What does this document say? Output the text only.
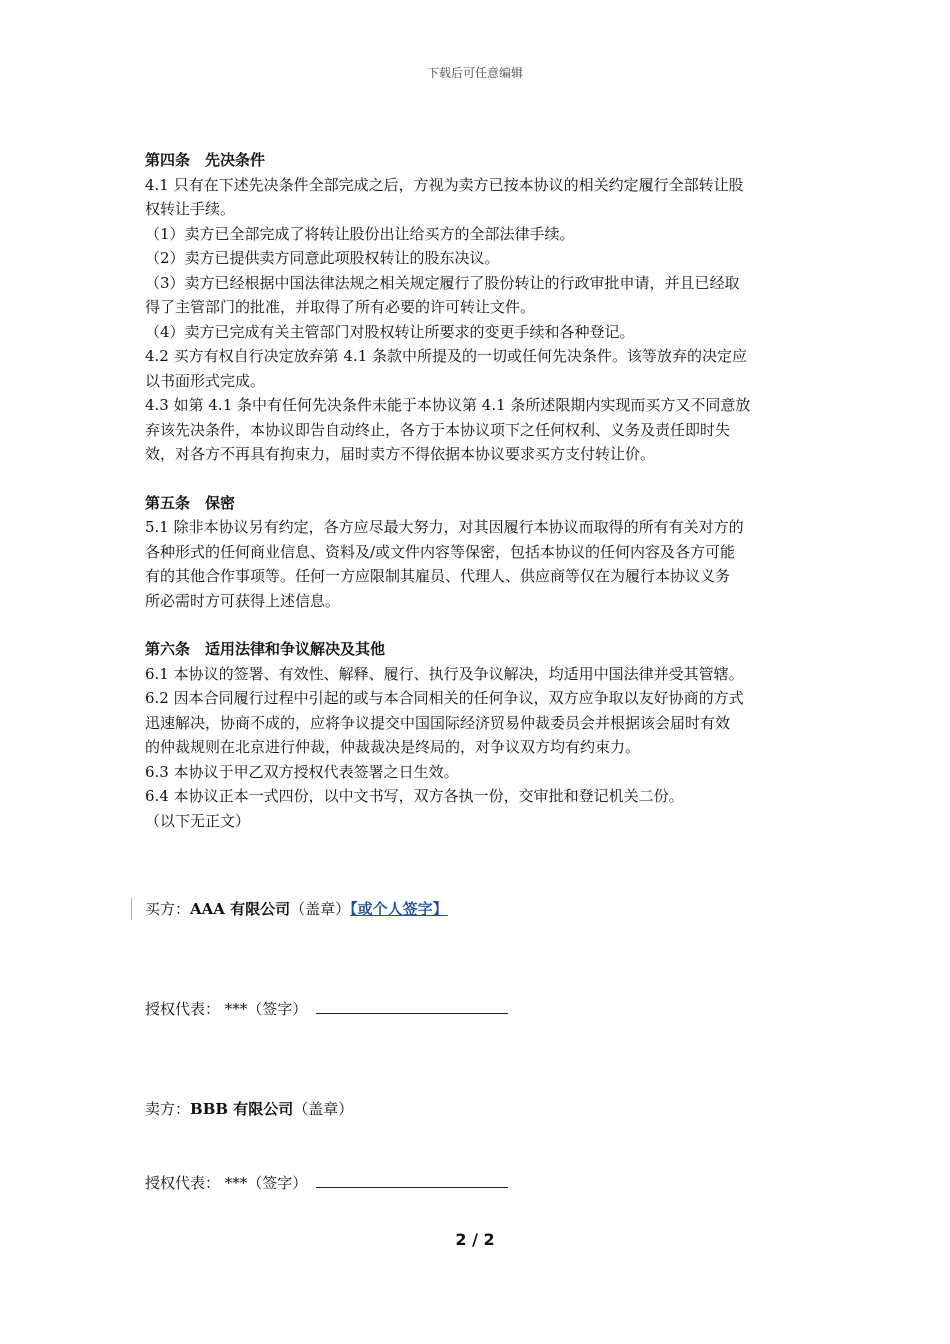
下载后可任意编辑
第四条　先决条件
4.1 只有在下述先决条件全部完成之后，方视为卖方已按本协议的相关约定履行全部转让股
权转让手续。
（1）卖方已全部完成了将转让股份出让给买方的全部法律手续。
（2）卖方已提供卖方同意此项股权转让的股东决议。
（3）卖方已经根据中国法律法规之相关规定履行了股份转让的行政审批申请，并且已经取
得了主管部门的批准，并取得了所有必要的许可转让文件。
（4）卖方已完成有关主管部门对股权转让所要求的变更手续和各种登记。
4.2 买方有权自行决定放弃第 4.1 条款中所提及的一切或任何先决条件。该等放弃的决定应
以书面形式完成。
4.3 如第 4.1 条中有任何先决条件未能于本协议第 4.1 条所述限期内实现而买方又不同意放
弃该先决条件，本协议即告自动终止，各方于本协议项下之任何权利、义务及责任即时失
效，对各方不再具有拘束力，届时卖方不得依据本协议要求买方支付转让价。
第五条　保密
5.1 除非本协议另有约定，各方应尽最大努力，对其因履行本协议而取得的所有有关对方的
各种形式的任何商业信息、资料及/或文件内容等保密，包括本协议的任何内容及各方可能
有的其他合作事项等。任何一方应限制其雇员、代理人、供应商等仅在为履行本协议义务
所必需时方可获得上述信息。
第六条　适用法律和争议解决及其他
6.1 本协议的签署、有效性、解释、履行、执行及争议解决，均适用中国法律并受其管辖。
6.2 因本合同履行过程中引起的或与本合同相关的任何争议，双方应争取以友好协商的方式
迅速解决，协商不成的，应将争议提交中国国际经济贸易仲裁委员会并根据该会届时有效
的仲裁规则在北京进行仲裁，仲裁裁决是终局的，对争议双方均有约束力。
6.3 本协议于甲乙双方授权代表签署之日生效。
6.4 本协议正本一式四份，以中文书写，双方各执一份，交审批和登记机关二份。
（以下无正文）
买方：AAA 有限公司（盖章）【或个人签字】
授权代表： ***（签字）
卖方：BBB 有限公司（盖章）
授权代表： ***（签字）
2 / 2
